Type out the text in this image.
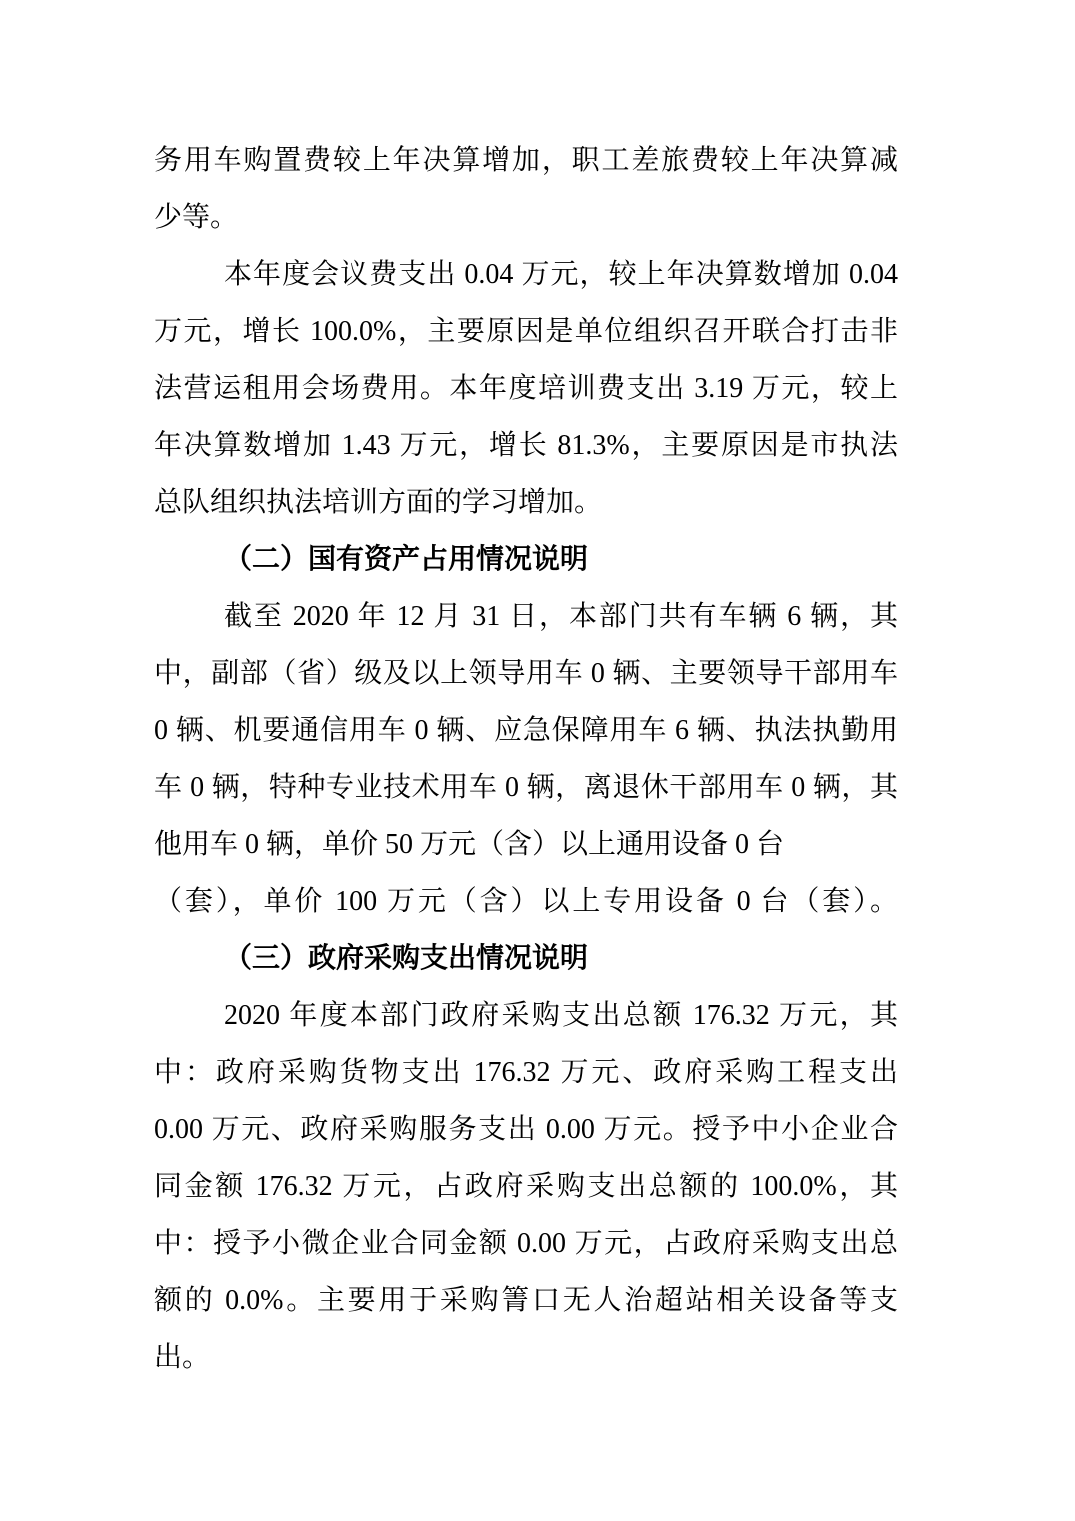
务用车购置费较上年决算增加，职工差旅费较上年决算减
少等。
本年度会议费支出 0.04 万元，较上年决算数增加 0.04
万元，增长 100.0%，主要原因是单位组织召开联合打击非
法营运租用会场费用。本年度培训费支出 3.19 万元，较上
年决算数增加 1.43 万元，增长 81.3%，主要原因是市执法
总队组织执法培训方面的学习增加。
（二）国有资产占用情况说明
截至 2020 年 12 月 31 日，本部门共有车辆 6 辆，其
中，副部（省）级及以上领导用车 0 辆、主要领导干部用车
0 辆、机要通信用车 0 辆、应急保障用车 6 辆、执法执勤用
车 0 辆，特种专业技术用车 0 辆，离退休干部用车 0 辆，其
他用车 0 辆，单价 50 万元（含）以上通用设备 0 台
（套），单价 100 万元（含）以上专用设备 0 台（套）。
（三）政府采购支出情况说明
2020 年度本部门政府采购支出总额 176.32 万元，其
中：政府采购货物支出 176.32 万元、政府采购工程支出
0.00 万元、政府采购服务支出 0.00 万元。授予中小企业合
同金额 176.32 万元，占政府采购支出总额的 100.0%，其
中：授予小微企业合同金额 0.00 万元，占政府采购支出总
额的 0.0%。主要用于采购箐口无人治超站相关设备等支
出。
